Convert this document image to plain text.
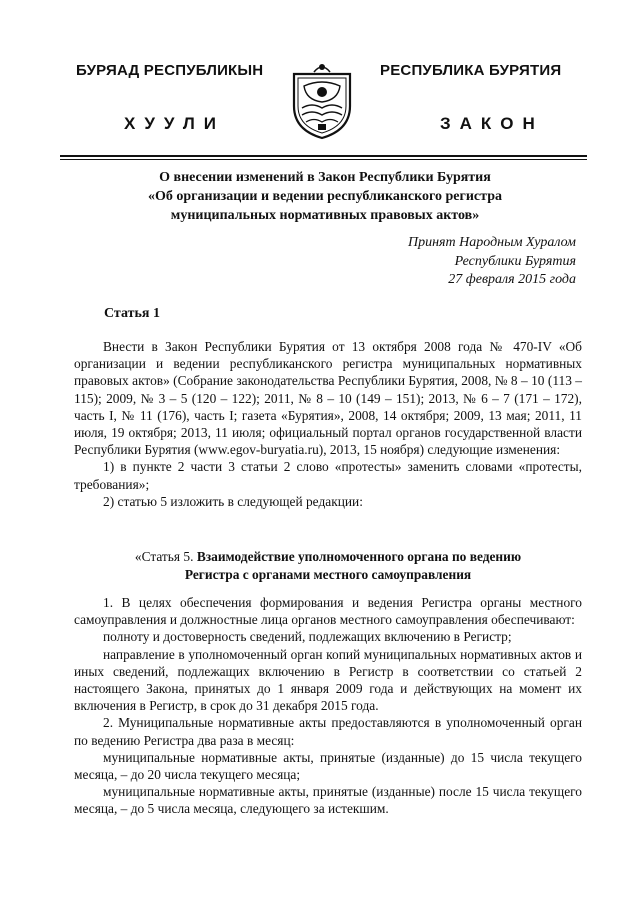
БУРЯАД РЕСПУБЛИКЫН	РЕСПУБЛИКА БУРЯТИЯ
ХУУЛИ	ЗАКОН
О внесении изменений в Закон Республики Бурятия
«Об организации и ведении республиканского регистра
муниципальных нормативных правовых актов»
Принят Народным Хуралом
Республики Бурятия
27 февраля 2015 года
Статья 1

Внести в Закон Республики Бурятия от 13 октября 2008 года № 470-IV «Об организации и ведении республиканского регистра муниципальных нормативных правовых актов» (Собрание законодательства Республики Бурятия, 2008, № 8 – 10 (113 – 115); 2009, № 3 – 5 (120 – 122); 2011, № 8 – 10 (149 – 151); 2013, № 6 – 7 (171 – 172), часть I, № 11 (176), часть I; газета «Бурятия», 2008, 14 октября; 2009, 13 мая; 2011, 11 июля, 19 октября; 2013, 11 июля; официальный портал органов государственной власти Республики Бурятия (www.egov-buryatia.ru), 2013, 15 ноября) следующие изменения:

1) в пункте 2 части 3 статьи 2 слово «протесты» заменить словами «протесты, требования»;

2) статью 5 изложить в следующей редакции:

«Статья 5. Взаимодействие уполномоченного органа по ведению
Регистра с органами местного самоуправления

1. В целях обеспечения формирования и ведения Регистра органы местного самоуправления и должностные лица органов местного самоуправления обеспечивают:

полноту и достоверность сведений, подлежащих включению в Регистр;

направление в уполномоченный орган копий муниципальных нормативных актов и иных сведений, подлежащих включению в Регистр в соответствии со статьей 2 настоящего Закона, принятых до 1 января 2009 года и действующих на момент их включения в Регистр, в срок до 31 декабря 2015 года.

2. Муниципальные нормативные акты предоставляются в уполномоченный орган по ведению Регистра два раза в месяц:

муниципальные нормативные акты, принятые (изданные) до 15 числа текущего месяца, – до 20 числа текущего месяца;

муниципальные нормативные акты, принятые (изданные) после 15 числа текущего месяца, – до 5 числа месяца, следующего за истекшим.
